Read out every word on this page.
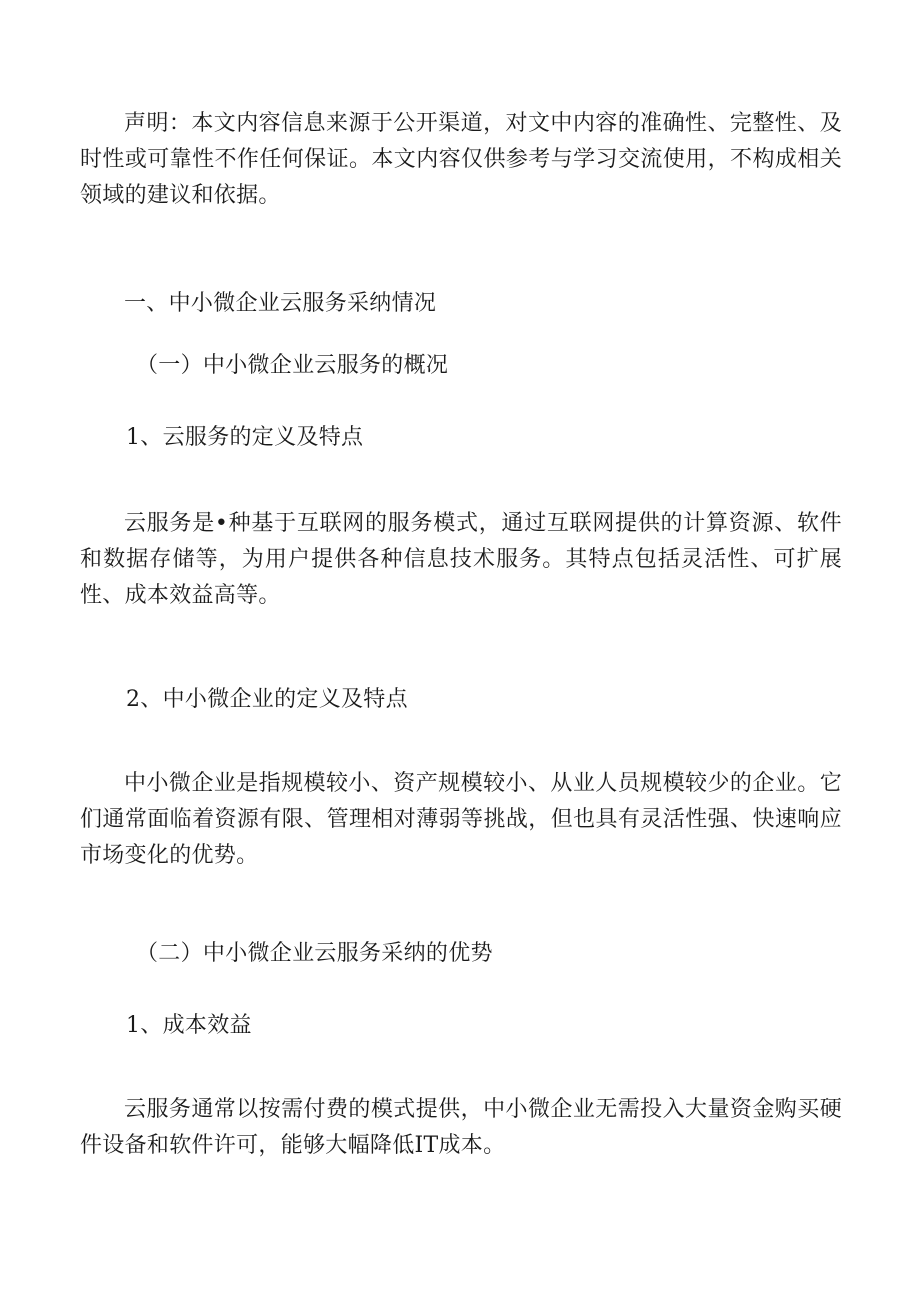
声明：本文内容信息来源于公开渠道，对文中内容的准确性、完整性、及时性或可靠性不作任何保证。本文内容仅供参考与学习交流使用，不构成相关领域的建议和依据。

一、中小微企业云服务采纳情况

（一）中小微企业云服务的概况

1、云服务的定义及特点

云服务是•种基于互联网的服务模式，通过互联网提供的计算资源、软件和数据存储等，为用户提供各种信息技术服务。其特点包括灵活性、可扩展性、成本效益高等。

2、中小微企业的定义及特点

中小微企业是指规模较小、资产规模较小、从业人员规模较少的企业。它们通常面临着资源有限、管理相对薄弱等挑战，但也具有灵活性强、快速响应市场变化的优势。

（二）中小微企业云服务采纳的优势

1、成本效益

云服务通常以按需付费的模式提供，中小微企业无需投入大量资金购买硬件设备和软件许可，能够大幅降低IT成本。
